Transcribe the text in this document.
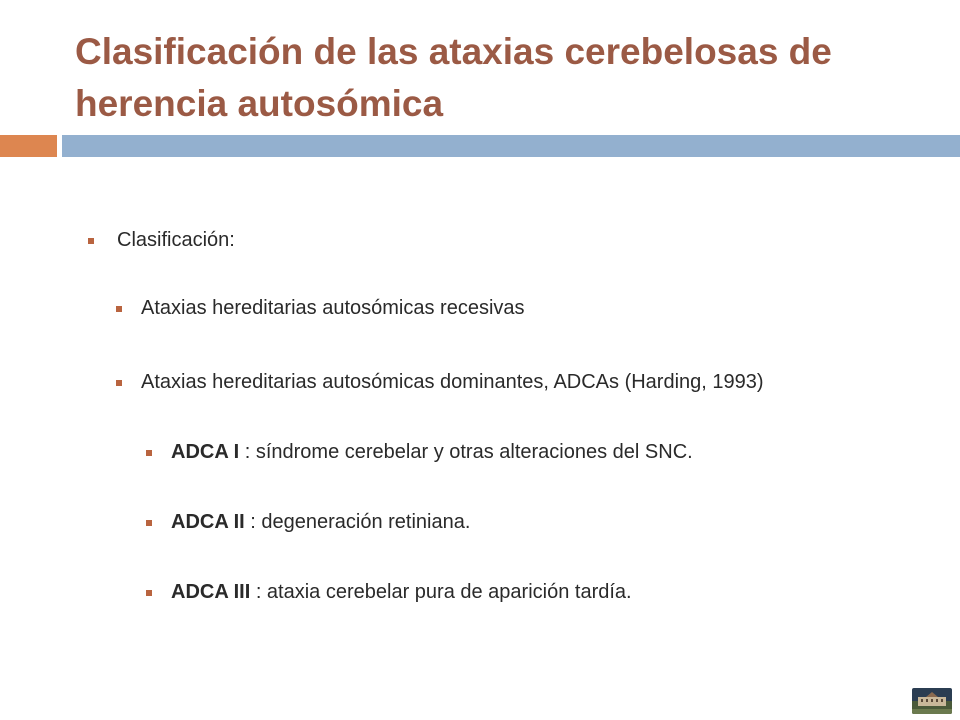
Clasificación de las ataxias cerebelosas de herencia autosómica
Clasificación:
Ataxias hereditarias autosómicas recesivas
Ataxias hereditarias autosómicas dominantes, ADCAs (Harding, 1993)
ADCA I : síndrome cerebelar y otras alteraciones del SNC.
ADCA II : degeneración retiniana.
ADCA III : ataxia cerebelar pura de aparición tardía.
